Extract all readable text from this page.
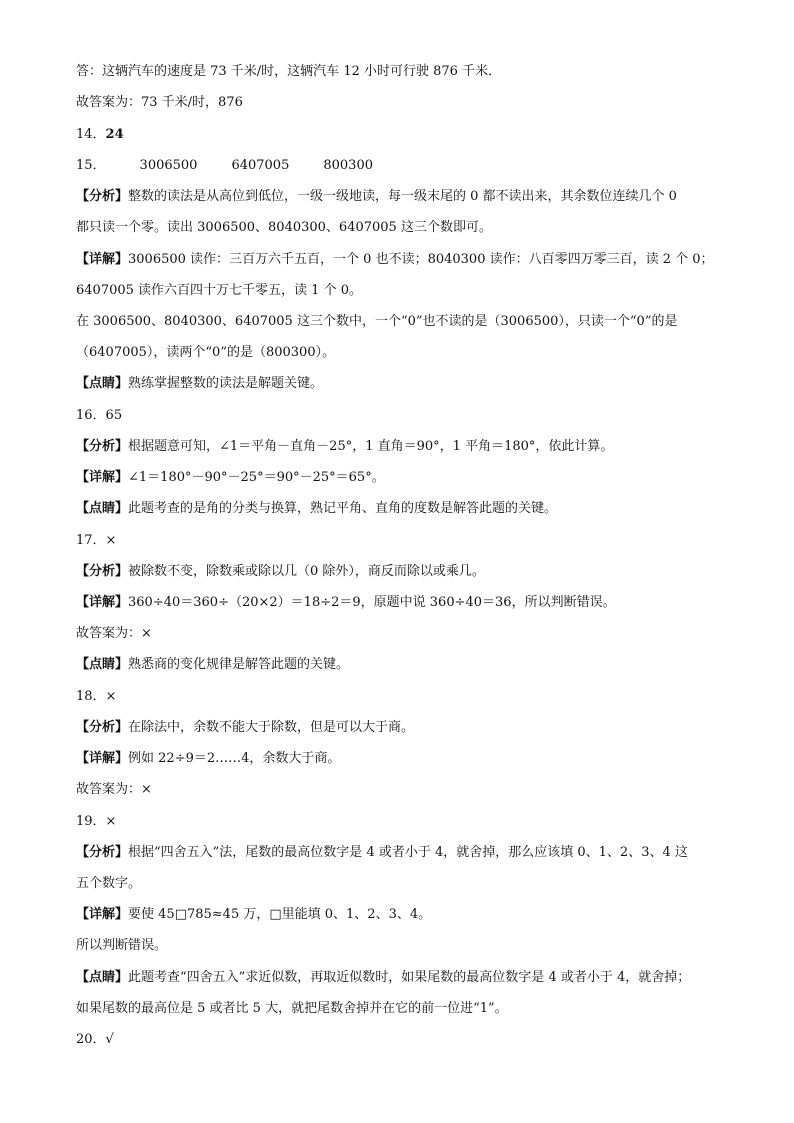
答：这辆汽车的速度是 73 千米/时，这辆汽车 12 小时可行驶 876 千米．
故答案为：73 千米/时，876
14．24
15．	3006500	6407005	800300
【分析】整数的读法是从高位到低位，一级一级地读，每一级末尾的 0 都不读出来，其余数位连续几个 0
都只读一个零。读出 3006500、8040300、6407005 这三个数即可。
【详解】3006500 读作：三百万六千五百，一个 0 也不读；8040300 读作：八百零四万零三百，读 2 个 0；
6407005 读作六百四十万七千零五，读 1 个 0。
在 3006500、8040300、6407005 这三个数中，一个“0”也不读的是（3006500），只读一个“0”的是
（6407005），读两个“0”的是（800300）。
【点睛】熟练掌握整数的读法是解题关键。
16．65
【分析】根据题意可知，∠1＝平角－直角－25°，1 直角＝90°，1 平角＝180°，依此计算。
【详解】∠1＝180°－90°－25°＝90°－25°＝65°。
【点睛】此题考查的是角的分类与换算，熟记平角、直角的度数是解答此题的关键。
17．×
【分析】被除数不变，除数乘或除以几（0 除外），商反而除以或乘几。
【详解】360÷40＝360÷（20×2）＝18÷2＝9，原题中说 360÷40＝36，所以判断错误。
故答案为：×
【点睛】熟悉商的变化规律是解答此题的关键。
18．×
【分析】在除法中，余数不能大于除数，但是可以大于商。
【详解】例如 22÷9＝2……4，余数大于商。
故答案为：×
19．×
【分析】根据“四舍五入”法，尾数的最高位数字是 4 或者小于 4，就舍掉，那么应该填 0、1、2、3、4 这
五个数字。
【详解】要使 45□785≈45 万，□里能填 0、1、2、3、4。
所以判断错误。
【点睛】此题考查“四舍五入”求近似数，再取近似数时，如果尾数的最高位数字是 4 或者小于 4，就舍掉；
如果尾数的最高位是 5 或者比 5 大，就把尾数舍掉并在它的前一位进“1”。
20．√
